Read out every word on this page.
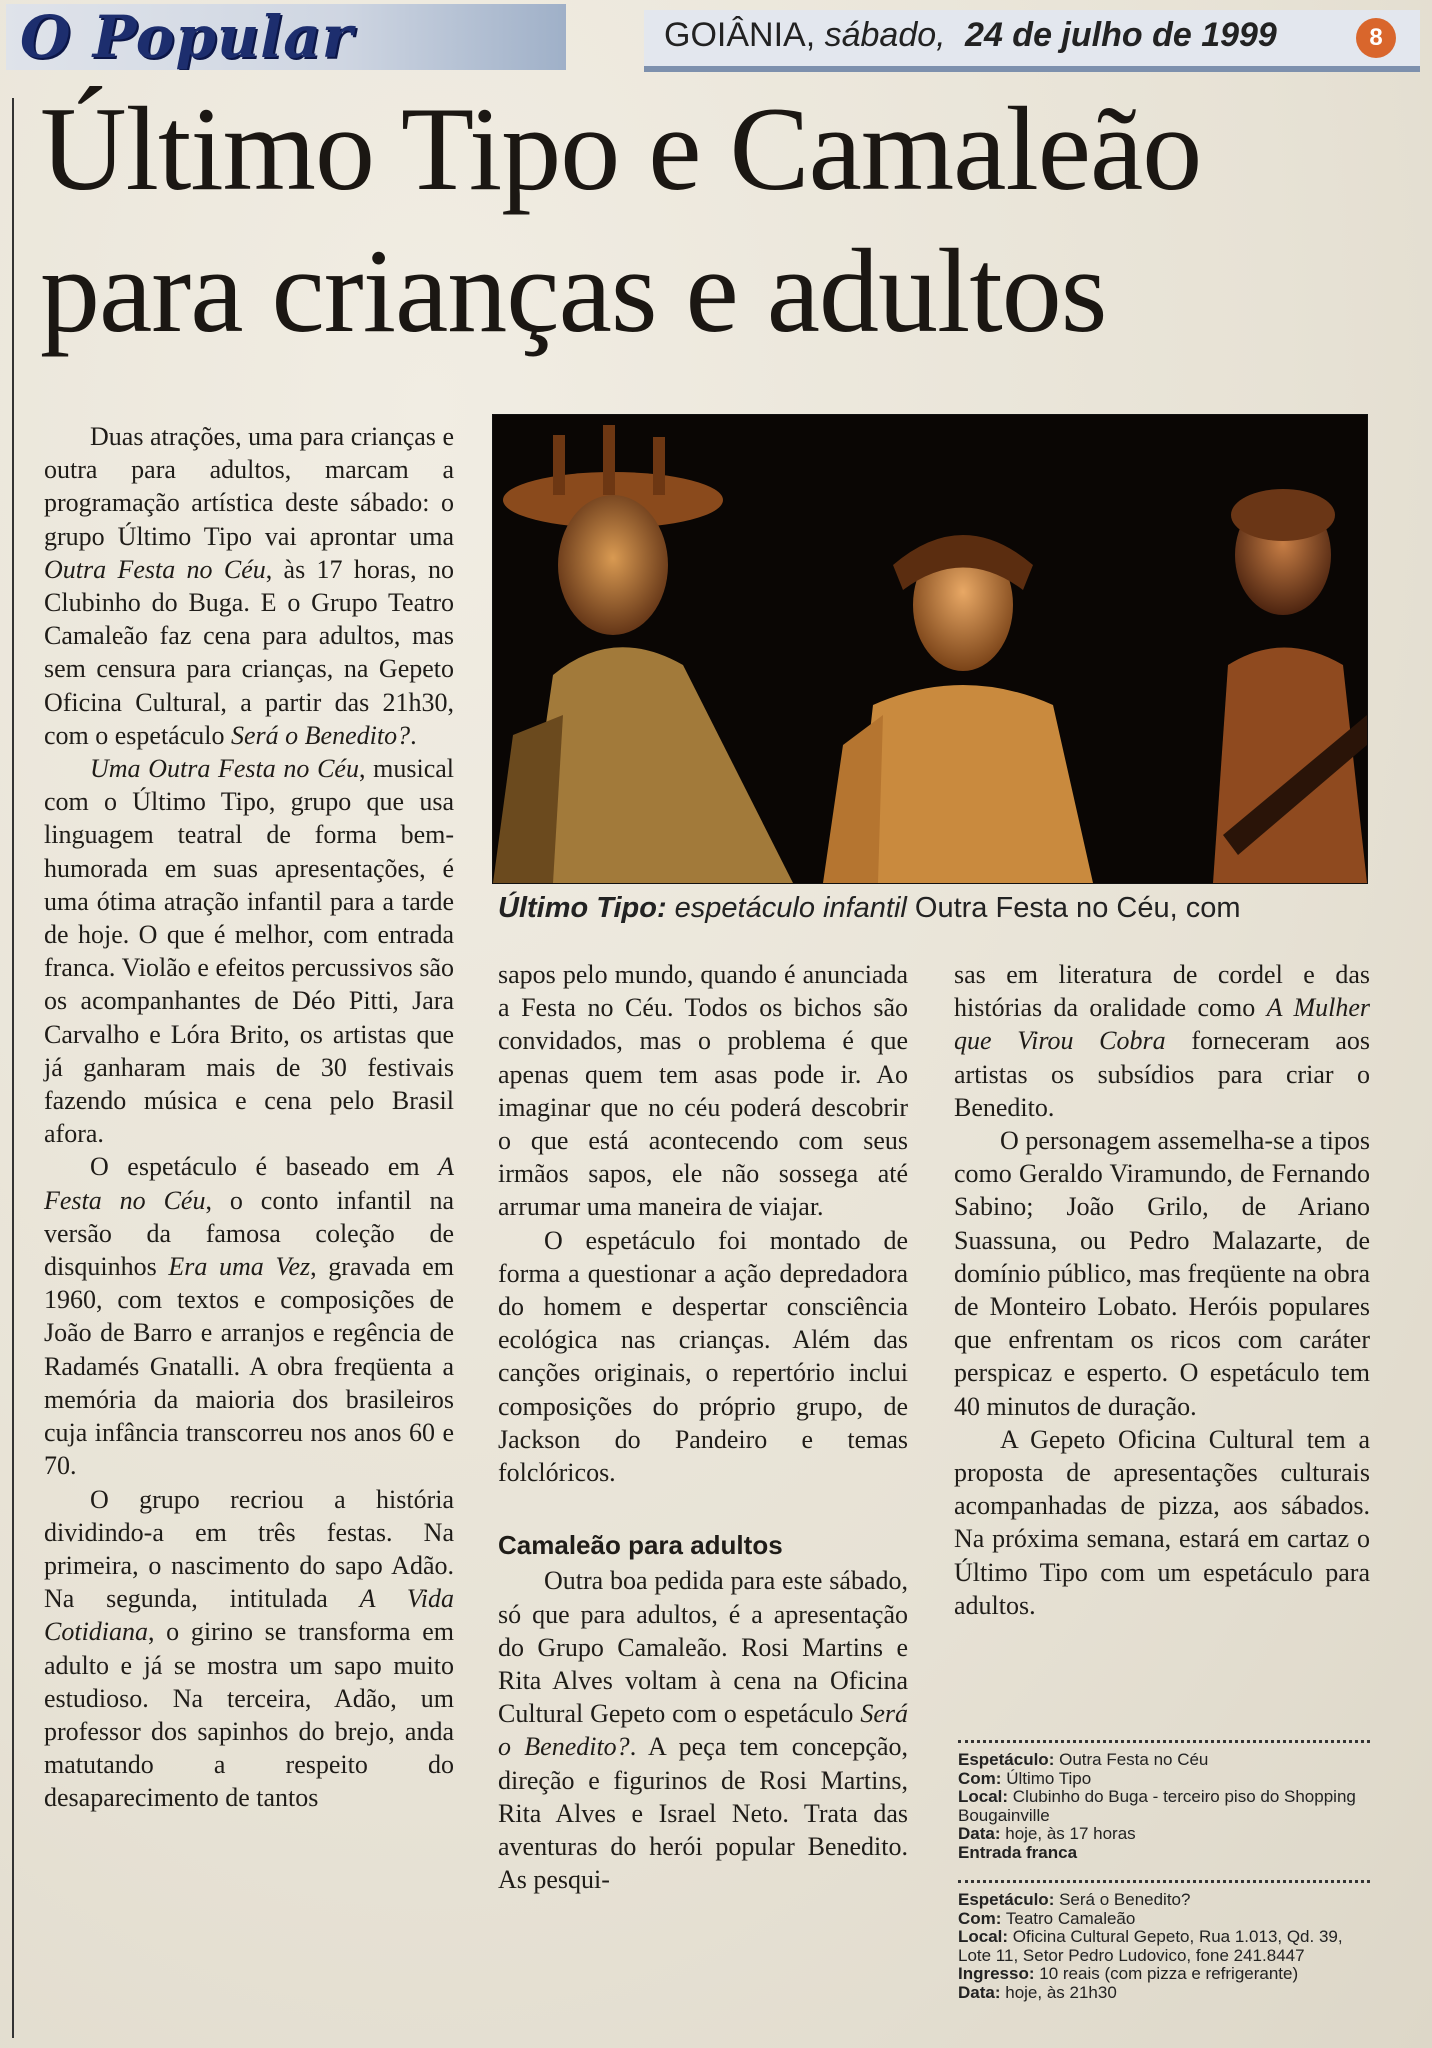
O Popular	GOIÂNIA, sábado, 24 de julho de 1999	8
Último Tipo e Camaleão
para crianças e adultos

Duas atrações, uma para crianças e outra para adultos, marcam a programação artística deste sábado: o grupo Último Tipo vai aprontar uma Outra Festa no Céu, às 17 horas, no Clubinho do Buga. E o Grupo Teatro Camaleão faz cena para adultos, mas sem censura para crianças, na Gepeto Oficina Cultural, a partir das 21h30, com o espetáculo Será o Benedito?.

Uma Outra Festa no Céu, musical com o Último Tipo, grupo que usa linguagem teatral de forma bem-humorada em suas apresentações, é uma ótima atração infantil para a tarde de hoje. O que é melhor, com entrada franca. Violão e efeitos percussivos são os acompanhantes de Déo Pitti, Jara Carvalho e Lóra Brito, os artistas que já ganharam mais de 30 festivais fazendo música e cena pelo Brasil afora.

O espetáculo é baseado em A Festa no Céu, o conto infantil na versão da famosa coleção de disquinhos Era uma Vez, gravada em 1960, com textos e composições de João de Barro e arranjos e regência de Radamés Gnatalli. A obra freqüenta a memória da maioria dos brasileiros cuja infância transcorreu nos anos 60 e 70.

O grupo recriou a história dividindo-a em três festas. Na primeira, o nascimento do sapo Adão. Na segunda, intitulada A Vida Cotidiana, o girino se transforma em adulto e já se mostra um sapo muito estudioso. Na terceira, Adão, um professor dos sapinhos do brejo, anda matutando a respeito do desaparecimento de tantos

Último Tipo: espetáculo infantil Outra Festa no Céu, com

sapos pelo mundo, quando é anunciada a Festa no Céu. Todos os bichos são convidados, mas o problema é que apenas quem tem asas pode ir. Ao imaginar que no céu poderá descobrir o que está acontecendo com seus irmãos sapos, ele não sossega até arrumar uma maneira de viajar.

O espetáculo foi montado de forma a questionar a ação depredadora do homem e despertar consciência ecológica nas crianças. Além das canções originais, o repertório inclui composições do próprio grupo, de Jackson do Pandeiro e temas folclóricos.

Camaleão para adultos

Outra boa pedida para este sábado, só que para adultos, é a apresentação do Grupo Camaleão. Rosi Martins e Rita Alves voltam à cena na Oficina Cultural Gepeto com o espetáculo Será o Benedito?. A peça tem concepção, direção e figurinos de Rosi Martins, Rita Alves e Israel Neto. Trata das aventuras do herói popular Benedito. As pesqui-

sas em literatura de cordel e das histórias da oralidade como A Mulher que Virou Cobra forneceram aos artistas os subsídios para criar o Benedito.

O personagem assemelha-se a tipos como Geraldo Viramundo, de Fernando Sabino; João Grilo, de Ariano Suassuna, ou Pedro Malazarte, de domínio público, mas freqüente na obra de Monteiro Lobato. Heróis populares que enfrentam os ricos com caráter perspicaz e esperto. O espetáculo tem 40 minutos de duração.

A Gepeto Oficina Cultural tem a proposta de apresentações culturais acompanhadas de pizza, aos sábados. Na próxima semana, estará em cartaz o Último Tipo com um espetáculo para adultos.

Espetáculo: Outra Festa no Céu

Com: Último Tipo

Local: Clubinho do Buga - terceiro piso do Shopping Bougainville

Data: hoje, às 17 horas

Entrada franca

Espetáculo: Será o Benedito?

Com: Teatro Camaleão

Local: Oficina Cultural Gepeto, Rua 1.013, Qd. 39, Lote 11, Setor Pedro Ludovico, fone 241.8447

Ingresso: 10 reais (com pizza e refrigerante)

Data: hoje, às 21h30
